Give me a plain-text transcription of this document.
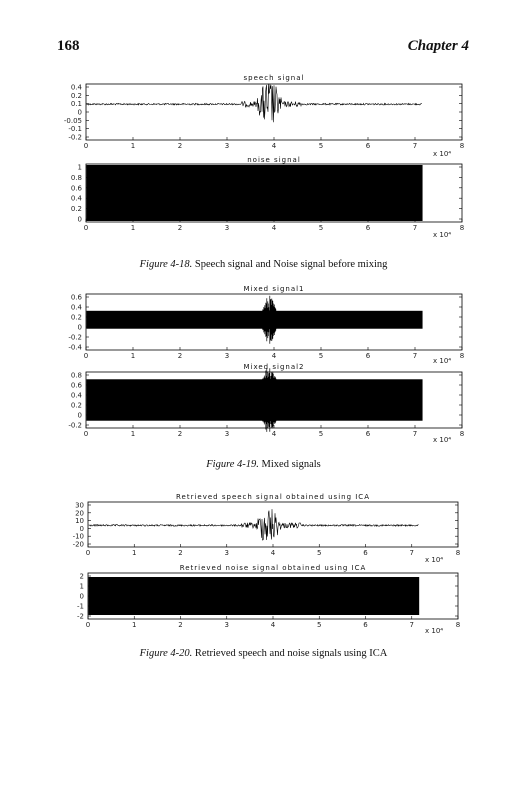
168	Chapter 4
speech signal
noise signal
Mixed signal1
Mixed signal2
Retrieved speech signal obtained using ICA
Retrieved noise signal obtained using ICA
x 10⁴
x 10⁴
x 10⁴
x 10⁴
x 10⁴
x 10⁴
Figure 4-18. Speech signal and Noise signal before mixing
Figure 4-19. Mixed signals
Figure 4-20. Retrieved speech and noise signals using ICA
0	1	2	3	4	5	6	7	8
0.4
0.2
0.1
0
-0.05
-0.1
-0.2
0	1	2	3	4	5	6	7	8
1
0.8
0.6
0.4
0.2
0
0	1	2	3	4	5	6	7	8
0.6
0.4
0.2
0
-0.2
-0.4
0	1	2	3	4	5	6	7	8
0.8
0.6
0.4
0.2
0
-0.2
0	1	2	3	4	5	6	7	8
30
20
10
0
-10
-20
0	1	2	3	4	5	6	7	8
2
1
0
-1
-2
